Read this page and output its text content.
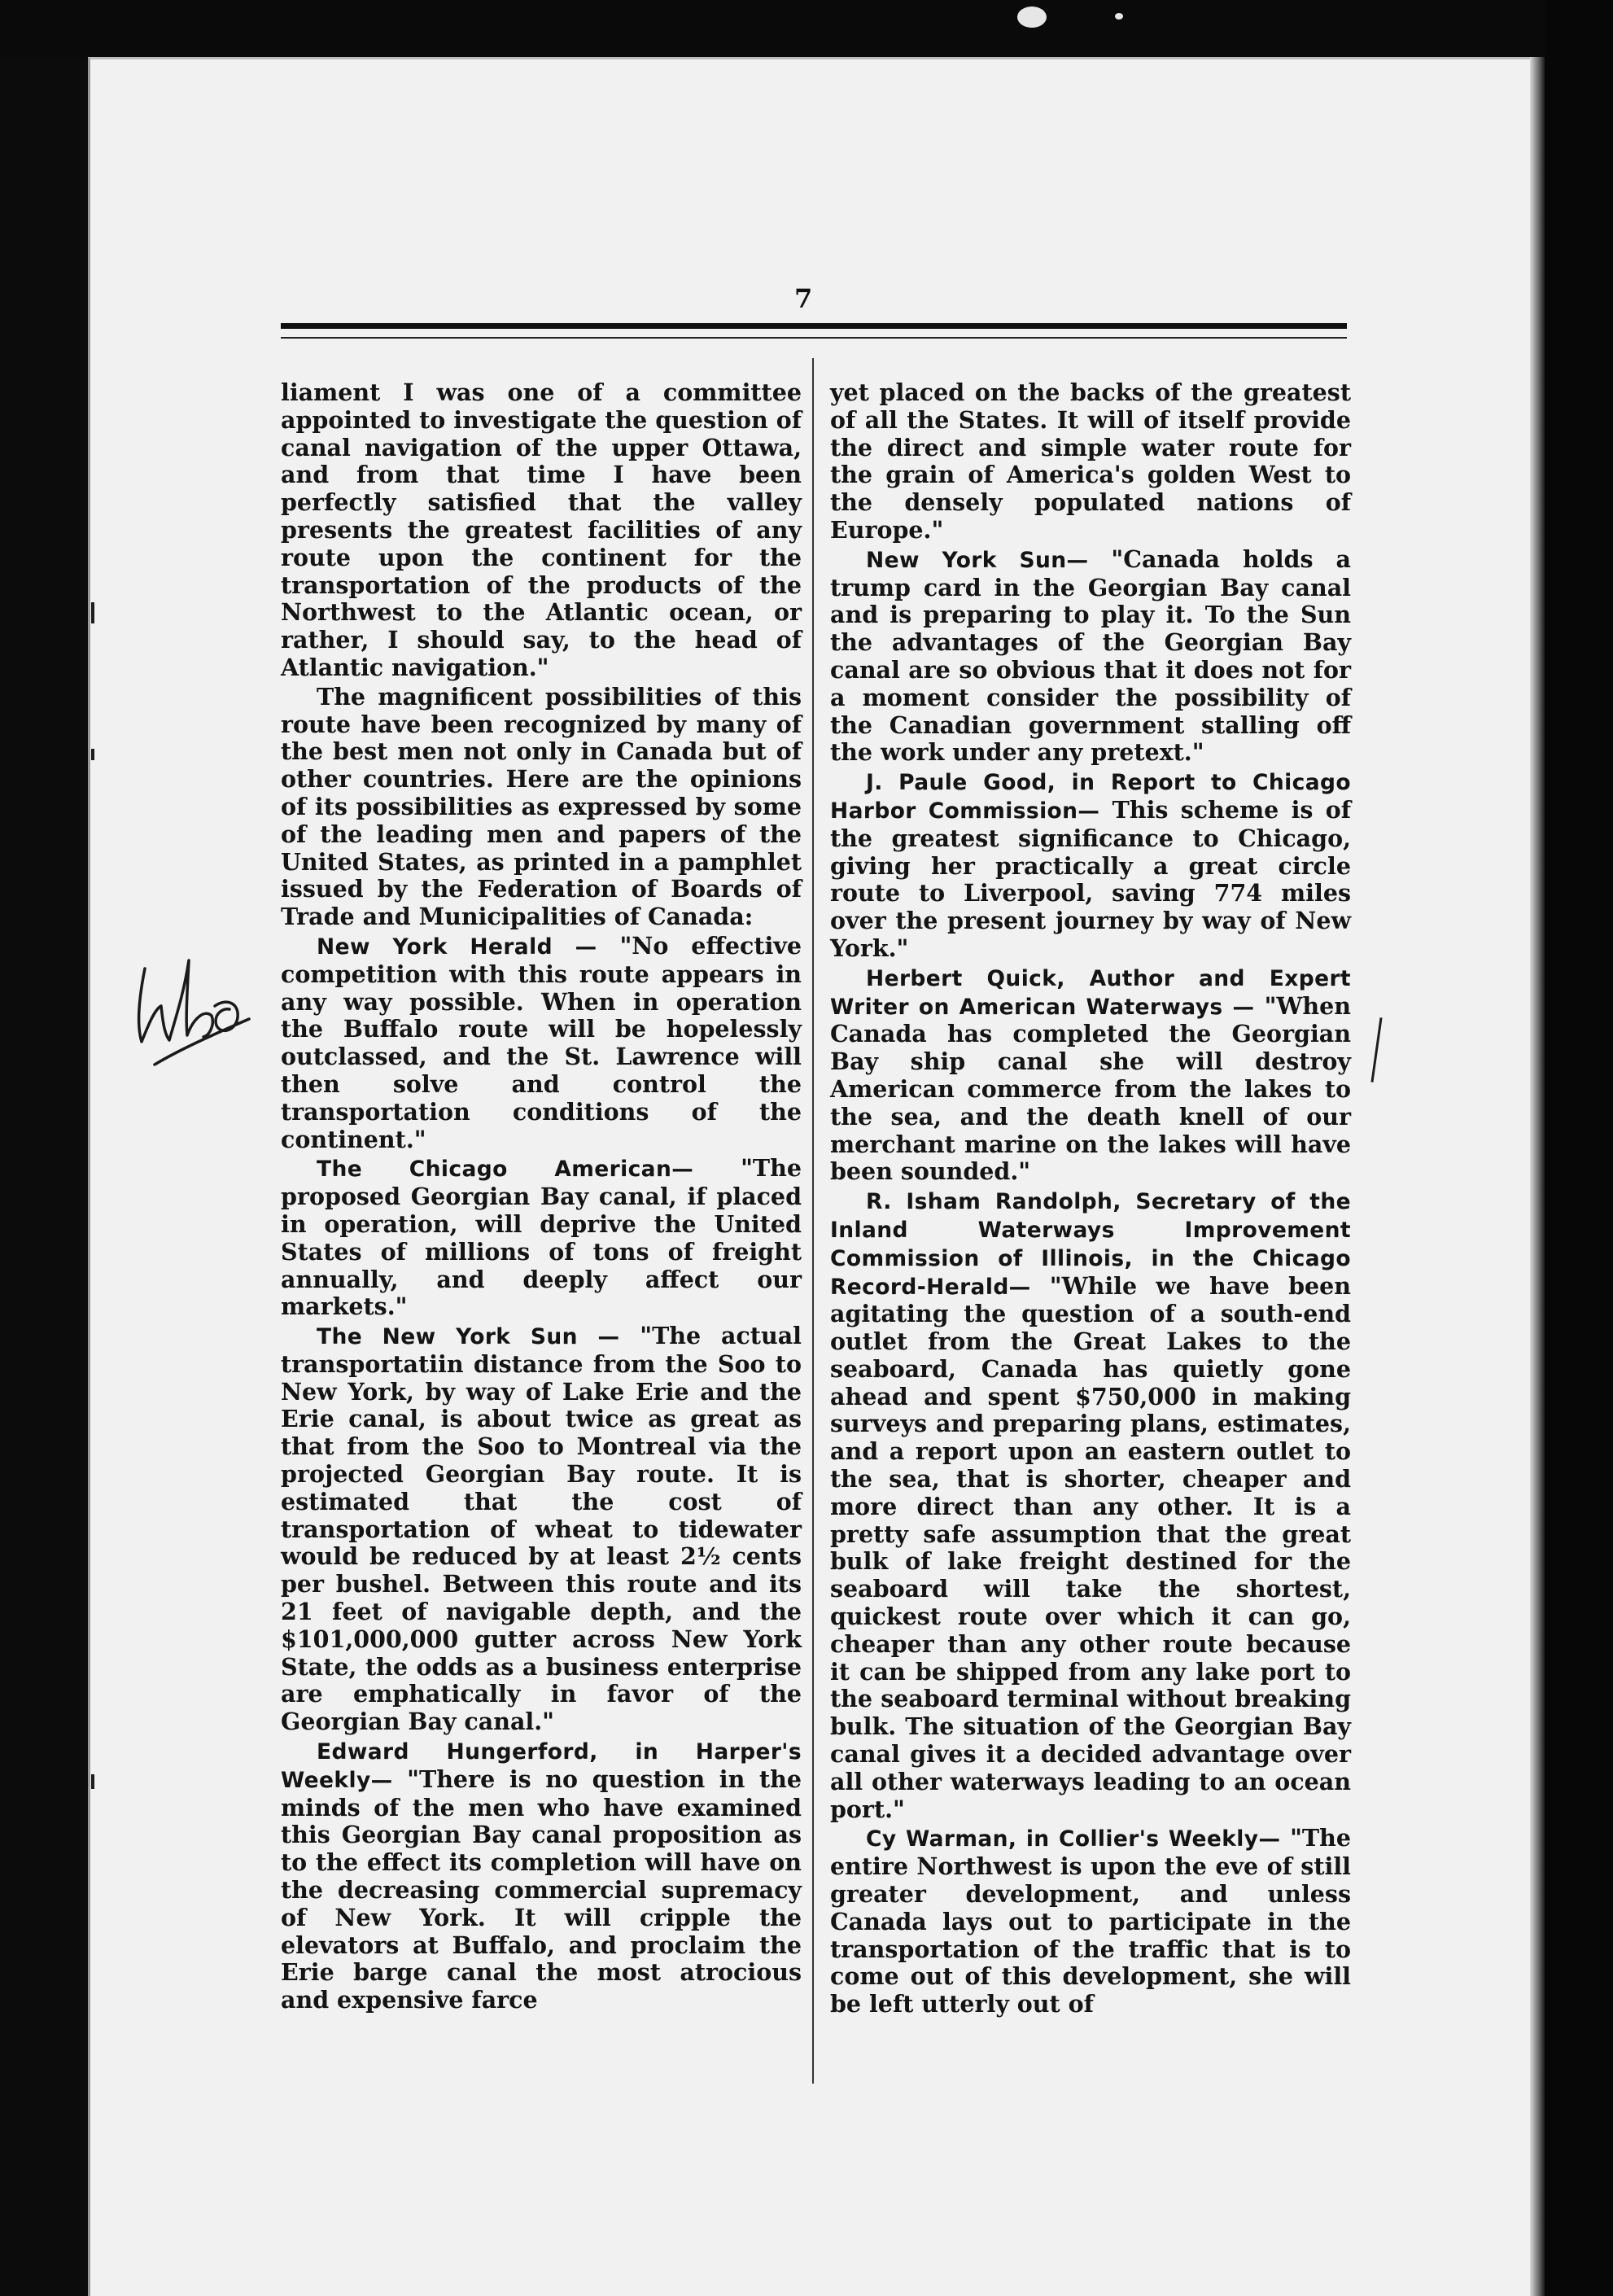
7

liament I was one of a committee appointed to investigate the question of canal navigation of the upper Ottawa, and from that time I have been perfectly satisfied that the valley presents the greatest facilities of any route upon the continent for the transportation of the products of the Northwest to the Atlantic ocean, or rather, I should say, to the head of Atlantic navigation."

The magnificent possibilities of this route have been recognized by many of the best men not only in Canada but of other countries. Here are the opinions of its possibilities as expressed by some of the leading men and papers of the United States, as printed in a pamphlet issued by the Federation of Boards of Trade and Municipalities of Canada:

New York Herald — "No effective competition with this route appears in any way possible. When in operation the Buffalo route will be hopelessly outclassed, and the St. Lawrence will then solve and control the transportation conditions of the continent."

The Chicago American— "The proposed Georgian Bay canal, if placed in operation, will deprive the United States of millions of tons of freight annually, and deeply affect our markets."

The New York Sun — "The actual transportatiin distance from the Soo to New York, by way of Lake Erie and the Erie canal, is about twice as great as that from the Soo to Montreal via the projected Georgian Bay route. It is estimated that the cost of transportation of wheat to tidewater would be reduced by at least 2½ cents per bushel. Between this route and its 21 feet of navigable depth, and the $101,000,000 gutter across New York State, the odds as a business enterprise are emphatically in favor of the Georgian Bay canal."

Edward Hungerford, in Harper's Weekly— "There is no question in the minds of the men who have examined this Georgian Bay canal proposition as to the effect its completion will have on the decreasing commercial supremacy of New York. It will cripple the elevators at Buffalo, and proclaim the Erie barge canal the most atrocious and expensive farce

yet placed on the backs of the greatest of all the States. It will of itself provide the direct and simple water route for the grain of America's golden West to the densely populated nations of Europe."

New York Sun— "Canada holds a trump card in the Georgian Bay canal and is preparing to play it. To the Sun the advantages of the Georgian Bay canal are so obvious that it does not for a moment consider the possibility of the Canadian government stalling off the work under any pretext."

J. Paule Good, in Report to Chicago Harbor Commission— This scheme is of the greatest significance to Chicago, giving her practically a great circle route to Liverpool, saving 774 miles over the present journey by way of New York."

Herbert Quick, Author and Expert Writer on American Waterways — "When Canada has completed the Georgian Bay ship canal she will destroy American commerce from the lakes to the sea, and the death knell of our merchant marine on the lakes will have been sounded."

R. Isham Randolph, Secretary of the Inland Waterways Improvement Commission of Illinois, in the Chicago Record-Herald— "While we have been agitating the question of a south-end outlet from the Great Lakes to the seaboard, Canada has quietly gone ahead and spent $750,000 in making surveys and preparing plans, estimates, and a report upon an eastern outlet to the sea, that is shorter, cheaper and more direct than any other. It is a pretty safe assumption that the great bulk of lake freight destined for the seaboard will take the shortest, quickest route over which it can go, cheaper than any other route because it can be shipped from any lake port to the seaboard terminal without breaking bulk. The situation of the Georgian Bay canal gives it a decided advantage over all other waterways leading to an ocean port."

Cy Warman, in Collier's Weekly— "The entire Northwest is upon the eve of still greater development, and unless Canada lays out to participate in the transportation of the traffic that is to come out of this development, she will be left utterly out of
